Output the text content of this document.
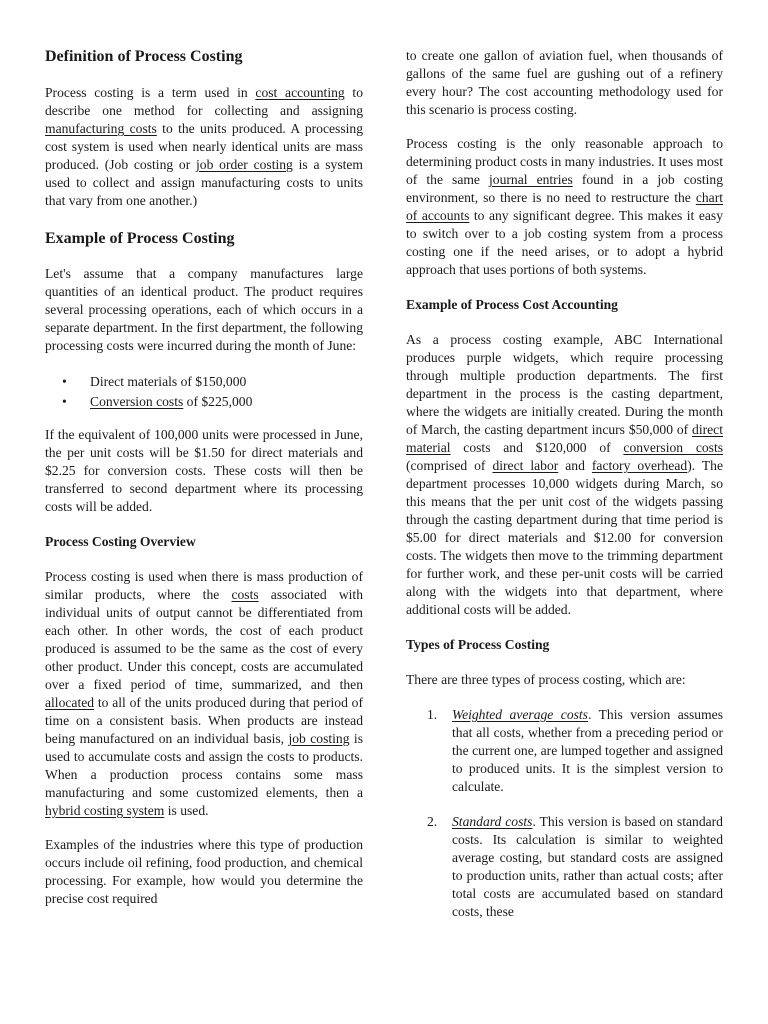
Definition of Process Costing

Process costing is a term used in cost accounting to describe one method for collecting and assigning manufacturing costs to the units produced. A processing cost system is used when nearly identical units are mass produced. (Job costing or job order costing is a system used to collect and assign manufacturing costs to units that vary from one another.)

Example of Process Costing

Let's assume that a company manufactures large quantities of an identical product. The product requires several processing operations, each of which occurs in a separate department. In the first department, the following processing costs were incurred during the month of June:

• Direct materials of $150,000
• Conversion costs of $225,000

If the equivalent of 100,000 units were processed in June, the per unit costs will be $1.50 for direct materials and $2.25 for conversion costs. These costs will then be transferred to second department where its processing costs will be added.

Process Costing Overview

Process costing is used when there is mass production of similar products, where the costs associated with individual units of output cannot be differentiated from each other. In other words, the cost of each product produced is assumed to be the same as the cost of every other product. Under this concept, costs are accumulated over a fixed period of time, summarized, and then allocated to all of the units produced during that period of time on a consistent basis. When products are instead being manufactured on an individual basis, job costing is used to accumulate costs and assign the costs to products. When a production process contains some mass manufacturing and some customized elements, then a hybrid costing system is used.

Examples of the industries where this type of production occurs include oil refining, food production, and chemical processing. For example, how would you determine the precise cost required

to create one gallon of aviation fuel, when thousands of gallons of the same fuel are gushing out of a refinery every hour? The cost accounting methodology used for this scenario is process costing.

Process costing is the only reasonable approach to determining product costs in many industries. It uses most of the same journal entries found in a job costing environment, so there is no need to restructure the chart of accounts to any significant degree. This makes it easy to switch over to a job costing system from a process costing one if the need arises, or to adopt a hybrid approach that uses portions of both systems.

Example of Process Cost Accounting

As a process costing example, ABC International produces purple widgets, which require processing through multiple production departments. The first department in the process is the casting department, where the widgets are initially created. During the month of March, the casting department incurs $50,000 of direct material costs and $120,000 of conversion costs (comprised of direct labor and factory overhead). The department processes 10,000 widgets during March, so this means that the per unit cost of the widgets passing through the casting department during that time period is $5.00 for direct materials and $12.00 for conversion costs. The widgets then move to the trimming department for further work, and these per-unit costs will be carried along with the widgets into that department, where additional costs will be added.

Types of Process Costing

There are three types of process costing, which are:

1. Weighted average costs. This version assumes that all costs, whether from a preceding period or the current one, are lumped together and assigned to produced units. It is the simplest version to calculate.
2. Standard costs. This version is based on standard costs. Its calculation is similar to weighted average costing, but standard costs are assigned to production units, rather than actual costs; after total costs are accumulated based on standard costs, these
